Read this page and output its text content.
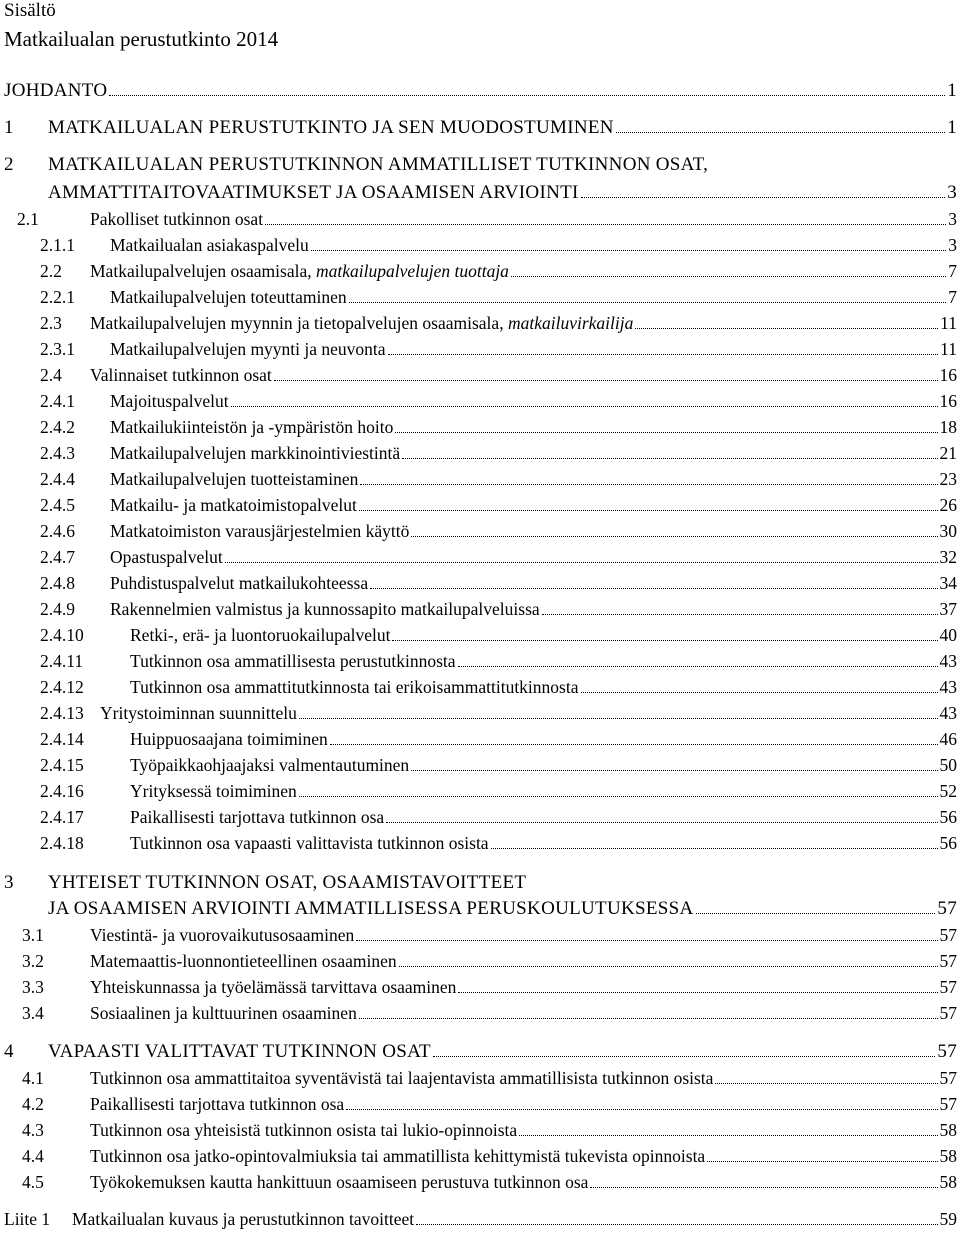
Sisältö
Matkailualan perustutkinto 2014
JOHDANTO	1
1	MATKAILUALAN PERUSTUTKINTO JA SEN MUODOSTUMINEN	1
2 MATKAILUALAN PERUSTUTKINNON AMMATILLISET TUTKINNON OSAT,
AMMATTITAITOVAATIMUKSET JA OSAAMISEN ARVIOINTI	3
2.1	Pakolliset tutkinnon osat	3
2.1.1	Matkailualan asiakaspalvelu	3
2.2	Matkailupalvelujen osaamisala,
matkailupalvelujen tuottaja	7
2.2.1	Matkailupalvelujen toteuttaminen	7
2.3	Matkailupalvelujen myynnin ja tietopalvelujen osaamisala,
matkailuvirkailija	11
2.3.1	Matkailupalvelujen myynti ja neuvonta	11
2.4	Valinnaiset tutkinnon osat	16
2.4.1	Majoituspalvelut	16
2.4.2	Matkailukiinteistön ja -ympäristön hoito	18
2.4.3	Matkailupalvelujen markkinointiviestintä	21
2.4.4	Matkailupalvelujen tuotteistaminen	23
2.4.5	Matkailu- ja matkatoimistopalvelut	26
2.4.6	Matkatoimiston varausjärjestelmien käyttö	30
2.4.7	Opastuspalvelut	32
2.4.8	Puhdistuspalvelut matkailukohteessa	34
2.4.9	Rakennelmien valmistus ja kunnossapito matkailupalveluissa	37
2.4.10	Retki-, erä- ja luontoruokailupalvelut	40
2.4.11	Tutkinnon osa ammatillisesta perustutkinnosta	43
2.4.12	Tutkinnon osa ammattitutkinnosta tai erikoisammattitutkinnosta	43
2.4.13 Yritystoiminnan suunnittelu	43
2.4.14	Huippuosaajana toimiminen	46
2.4.15	Työpaikkaohjaajaksi valmentautuminen	50
2.4.16	Yrityksessä toimiminen	52
2.4.17	Paikallisesti tarjottava tutkinnon osa	56
2.4.18	Tutkinnon osa vapaasti valittavista tutkinnon osista	56
3 YHTEISET TUTKINNON OSAT, OSAAMISTAVOITTEET
JA OSAAMISEN ARVIOINTI AMMATILLISESSA PERUSKOULUTUKSESSA	57
3.1	Viestintä- ja vuorovaikutusosaaminen	57
3.2	Matemaattis-luonnontieteellinen osaaminen	57
3.3	Yhteiskunnassa ja työelämässä tarvittava osaaminen	57
3.4	Sosiaalinen ja kulttuurinen osaaminen	57
4	VAPAASTI VALITTAVAT TUTKINNON OSAT	57
4.1	Tutkinnon osa ammattitaitoa syventävistä tai laajentavista ammatillisista tutkinnon osista	57
4.2	Paikallisesti tarjottava tutkinnon osa	57
4.3	Tutkinnon osa yhteisistä tutkinnon osista tai lukio-opinnoista	58
4.4	Tutkinnon osa jatko-opintovalmiuksia tai ammatillista kehittymistä tukevista opinnoista	58
4.5	Työkokemuksen kautta hankittuun osaamiseen perustuva tutkinnon osa	58
Liite 1	Matkailualan kuvaus ja perustutkinnon tavoitteet	59
